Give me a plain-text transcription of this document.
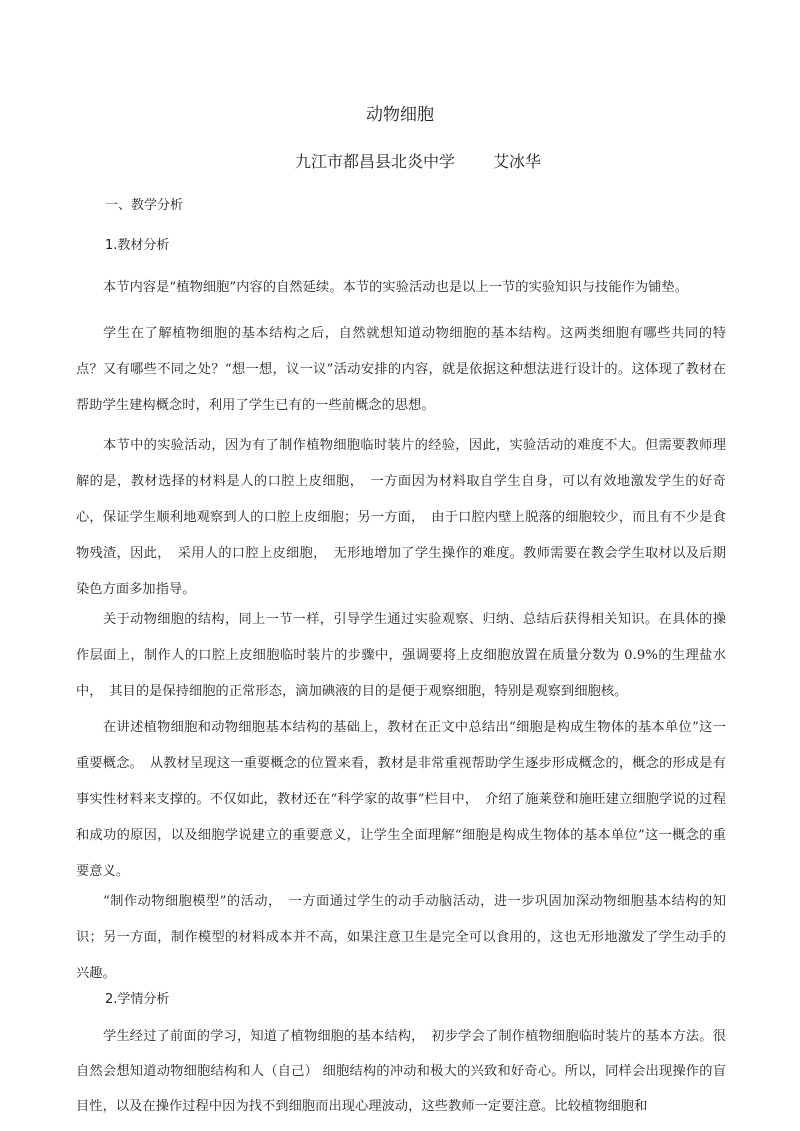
动物细胞
九江市都昌县北炎中学 艾冰华
一、教学分析
1.教材分析

本节内容是“植物细胞”内容的自然延续。本节的实验活动也是以上一节的实验知识与技能作为铺垫。

学生在了解植物细胞的基本结构之后，自然就想知道动物细胞的基本结构。这两类细胞有哪些共同的特点？又有哪些不同之处？“想一想，议一议”活动安排的内容，就是依据这种想法进行设计的。这体现了教材在帮助学生建构概念时，利用了学生已有的一些前概念的思想。

本节中的实验活动，因为有了制作植物细胞临时装片的经验，因此，实验活动的难度不大。但需要教师理解的是，教材选择的材料是人的口腔上皮细胞，　一方面因为材料取自学生自身，可以有效地激发学生的好奇心，保证学生顺利地观察到人的口腔上皮细胞；另一方面，　由于口腔内壁上脱落的细胞较少，而且有不少是食物残渣，因此，　采用人的口腔上皮细胞，　无形地增加了学生操作的难度。教师需要在教会学生取材以及后期染色方面多加指导。

关于动物细胞的结构，同上一节一样，引导学生通过实验观察、归纳、总结后获得相关知识。在具体的操作层面上，制作人的口腔上皮细胞临时装片的步骤中，强调要将上皮细胞放置在质量分数为 0.9%的生理盐水中，　其目的是保持细胞的正常形态，滴加碘液的目的是便于观察细胞，特别是观察到细胞核。

在讲述植物细胞和动物细胞基本结构的基础上，教材在正文中总结出“细胞是构成生物体的基本单位”这一重要概念。　从教材呈现这一重要概念的位置来看，教材是非常重视帮助学生逐步形成概念的，概念的形成是有事实性材料来支撑的。不仅如此，教材还在“科学家的故事”栏目中，　介绍了施莱登和施旺建立细胞学说的过程和成功的原因，以及细胞学说建立的重要意义，让学生全面理解“细胞是构成生物体的基本单位”这一概念的重要意义。

“制作动物细胞模型”的活动，　一方面通过学生的动手动脑活动，进一步巩固加深动物细胞基本结构的知识；另一方面，制作模型的材料成本并不高，如果注意卫生是完全可以食用的，这也无形地激发了学生动手的兴趣。

2.学情分析

学生经过了前面的学习，知道了植物细胞的基本结构，　初步学会了制作植物细胞临时装片的基本方法。很自然会想知道动物细胞结构和人（自己） 细胞结构的冲动和极大的兴致和好奇心。所以，同样会出现操作的盲目性，以及在操作过程中因为找不到细胞而出现心理波动，这些教师一定要注意。比较植物细胞和
